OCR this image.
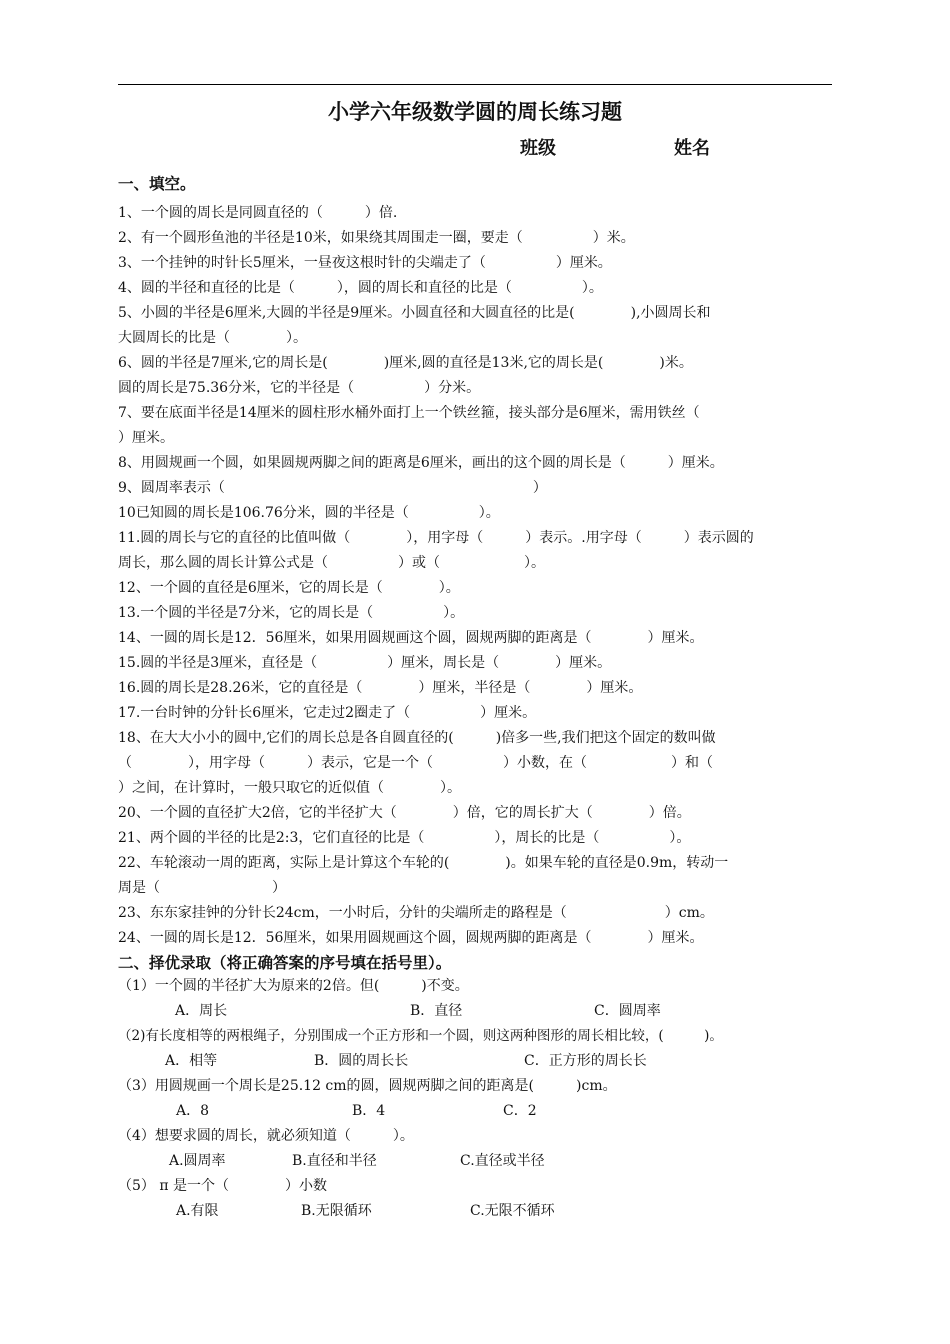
小学六年级数学圆的周长练习题
班级	姓名
一、填空。
1、一个圆的周长是同圆直径的（　　　）倍.
2、有一个圆形鱼池的半径是10米，如果绕其周围走一圈，要走（　　　　　）米。
3、一个挂钟的时针长5厘米，一昼夜这根时针的尖端走了（　　　　　）厘米。
4、圆的半径和直径的比是（　　　），圆的周长和直径的比是（　　　　　）。
5、小圆的半径是6厘米,大圆的半径是9厘米。小圆直径和大圆直径的比是(　　　　),小圆周长和
大圆周长的比是（　　　　）。
6、圆的半径是7厘米,它的周长是(　　　　)厘米,圆的直径是13米,它的周长是(　　　　)米。
圆的周长是75.36分米，它的半径是（　　　　　）分米。
7、要在底面半径是14厘米的圆柱形水桶外面打上一个铁丝箍，接头部分是6厘米，需用铁丝（
）厘米。
8、用圆规画一个圆，如果圆规两脚之间的距离是6厘米，画出的这个圆的周长是（　　　）厘米。
9、圆周率表示（　　　　　　　　　　　　　　　　　　　　　　）
10已知圆的周长是106.76分米，圆的半径是（　　　　　）。
11.圆的周长与它的直径的比值叫做（　　　　），用字母（　　　）表示。.用字母（　　　）表示圆的
周长，那么圆的周长计算公式是（　　　　　）或（　　　　　　）。
12、一个圆的直径是6厘米，它的周长是（　　　　）。
13.一个圆的半径是7分米，它的周长是（　　　　　）。
14、一圆的周长是12．56厘米，如果用圆规画这个圆，圆规两脚的距离是（　　　　）厘米。
15.圆的半径是3厘米，直径是（　　　　　）厘米，周长是（　　　　）厘米。
16.圆的周长是28.26米，它的直径是（　　　　）厘米，半径是（　　　　）厘米。
17.一台时钟的分针长6厘米，它走过2圈走了（　　　　　）厘米。
18、在大大小小的圆中,它们的周长总是各自圆直径的(　　　)倍多一些,我们把这个固定的数叫做
（　　　　），用字母（　　　）表示，它是一个（　　　　　）小数，在（　　　　　　）和（
）之间，在计算时，一般只取它的近似值（　　　　）。
20、一个圆的直径扩大2倍，它的半径扩大（　　　　）倍，它的周长扩大（　　　　）倍。
21、两个圆的半径的比是2:3，它们直径的比是（　　　　　），周长的比是（　　　　　）。
22、车轮滚动一周的距离，实际上是计算这个车轮的(　　　　)。如果车轮的直径是0.9m，转动一
周是（　　　　　　　　）
23、东东家挂钟的分针长24cm，一小时后，分针的尖端所走的路程是（　　　　　　　）cm。
24、一圆的周长是12．56厘米，如果用圆规画这个圆，圆规两脚的距离是（　　　　）厘米。
二、择优录取（将正确答案的序号填在括号里）。
（1）一个圆的半径扩大为原来的2倍。但(　　　)不变。
A．周长	B．直径	C．圆周率
（2)有长度相等的两根绳子，分别围成一个正方形和一个圆，则这两种图形的周长相比较，(　　　)。
A．相等	B．圆的周长长	C．正方形的周长长
（3）用圆规画一个周长是25.12 cm的圆，圆规两脚之间的距离是(　　　)cm。
A．8	B．4	C．2
（4）想要求圆的周长，就必须知道（　　　）。
A.圆周率	B.直径和半径	C.直径或半径
（5） π 是一个（　　　　）小数
A.有限	B.无限循环	C.无限不循环
